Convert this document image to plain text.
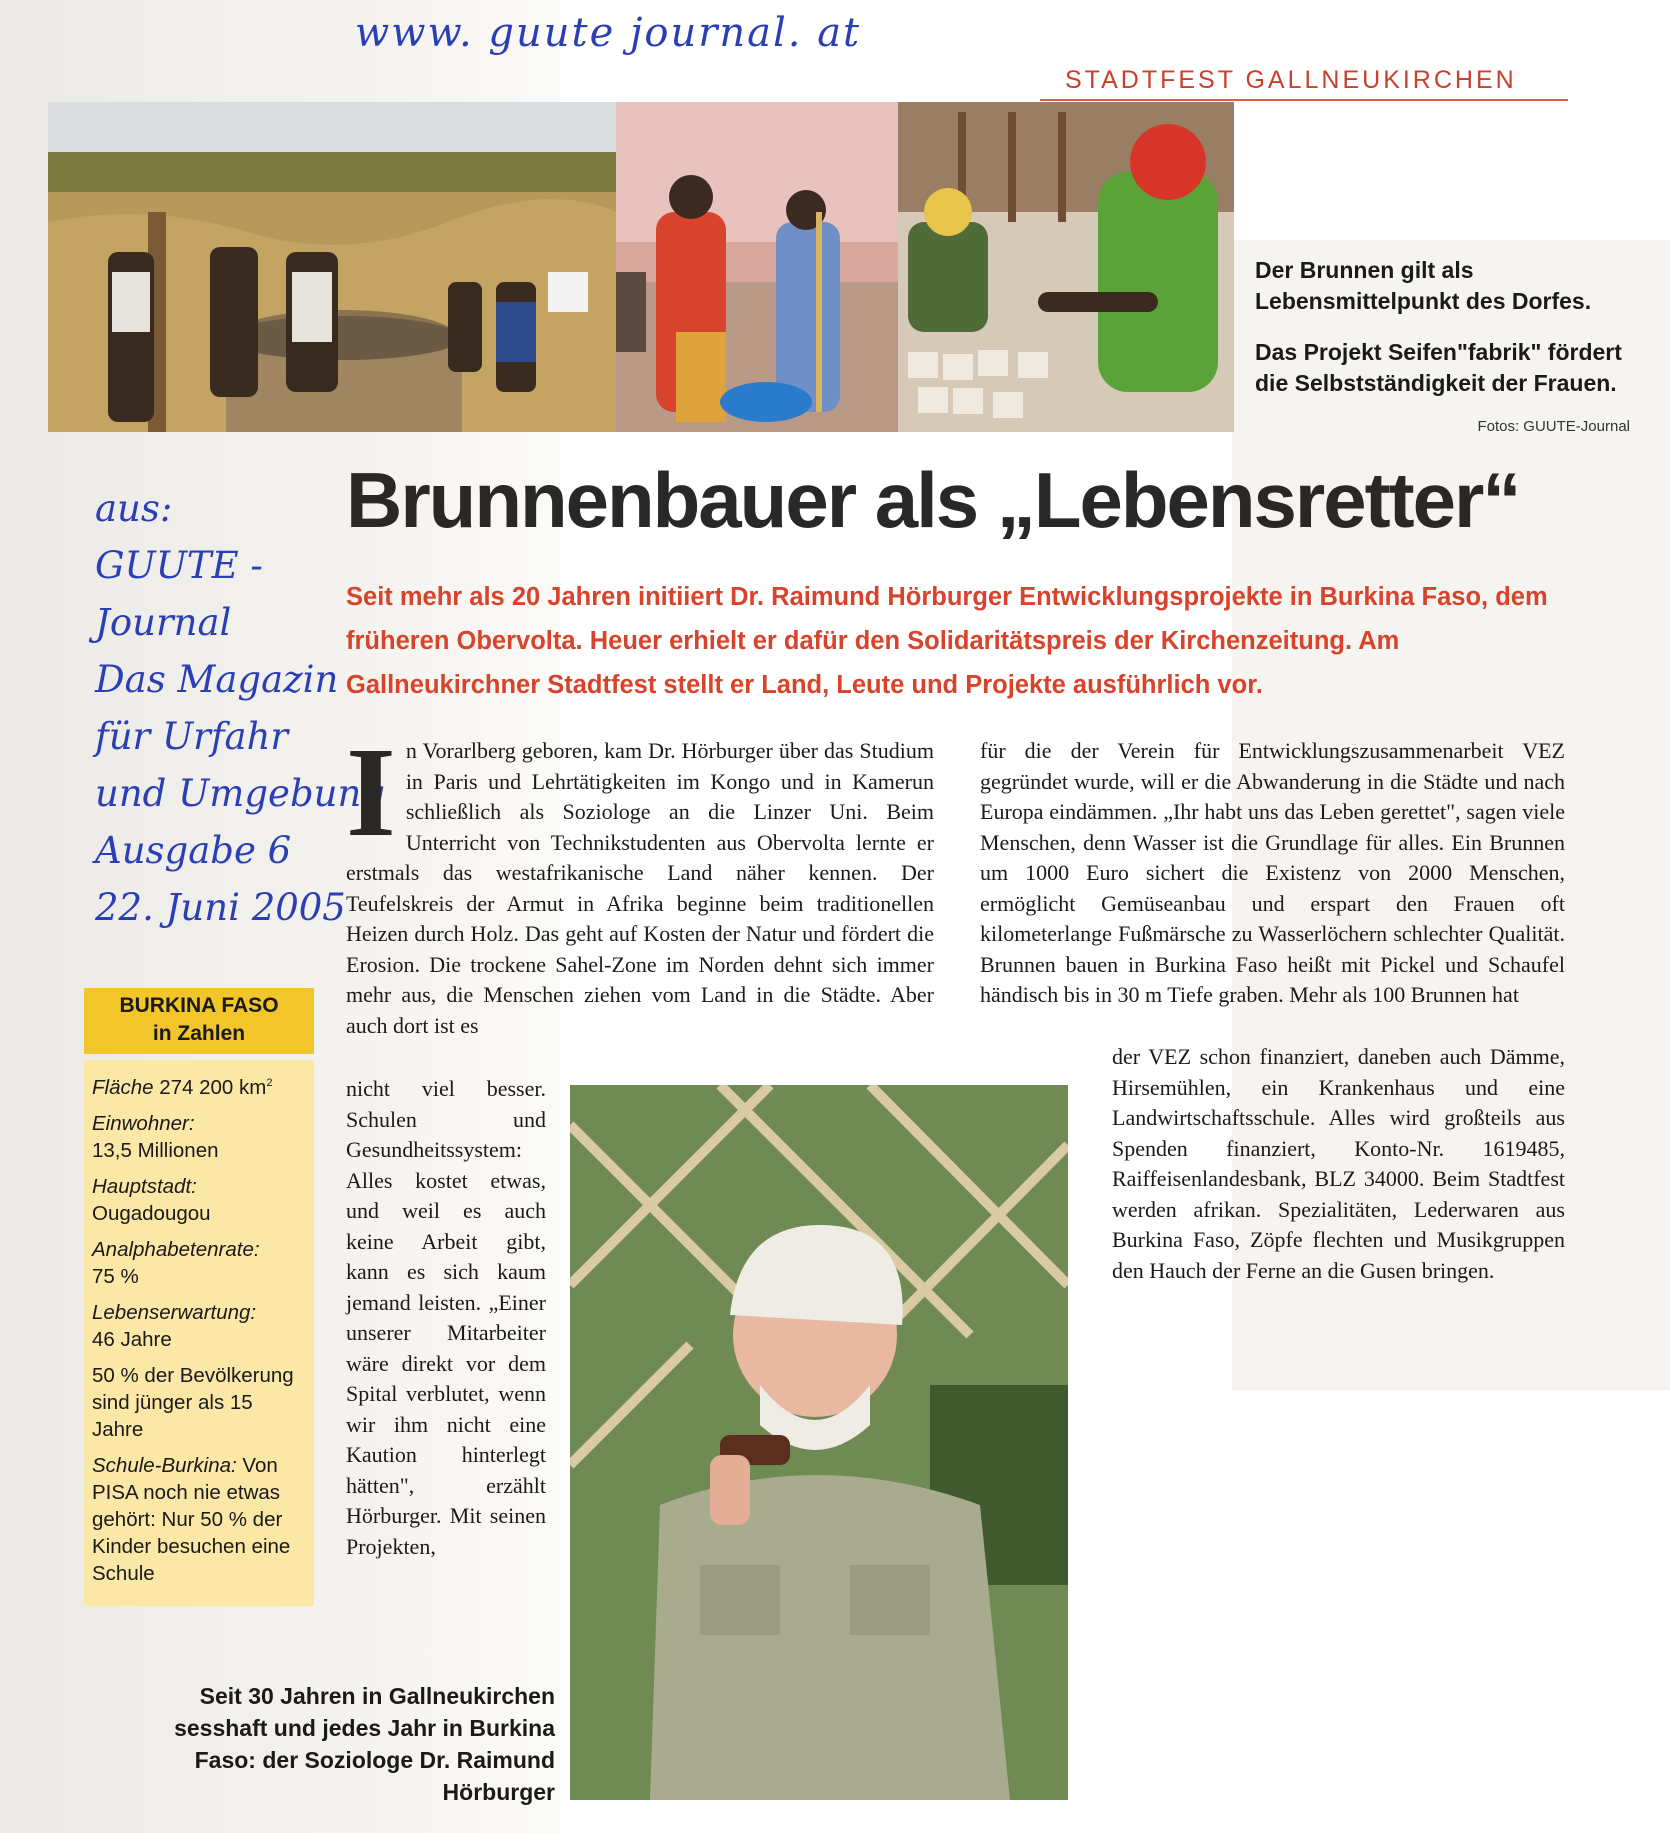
www. guute journal. at
aus:
GUUTE -
Journal
Das Magazin
für Urfahr
und Umgebung
Ausgabe 6
22. Juni 2005
STADTFEST GALLNEUKIRCHEN

Der Brunnen gilt als Lebensmittelpunkt des Dorfes.

Das Projekt Seifen"fabrik" fördert die Selbstständigkeit der Frauen.

Fotos: GUUTE-Journal
Brunnenbauer als „Lebensretter“
Seit mehr als 20 Jahren initiiert Dr. Raimund Hörburger Entwicklungsprojekte in Burkina Faso, dem früheren Obervolta. Heuer erhielt er dafür den Solidaritätspreis der Kirchenzeitung. Am Gallneukirchner Stadtfest stellt er Land, Leute und Projekte ausführlich vor.
In Vorarlberg geboren, kam Dr. Hörburger über das Studium in Paris und Lehrtätigkeiten im Kongo und in Kamerun schließlich als Soziologe an die Linzer Uni. Beim Unterricht von Technikstudenten aus Obervolta lernte er erstmals das westafrikanische Land näher kennen. Der Teufelskreis der Armut in Afrika beginne beim traditionellen Heizen durch Holz. Das geht auf Kosten der Natur und fördert die Erosion. Die trockene Sahel-Zone im Norden dehnt sich immer mehr aus, die Menschen ziehen vom Land in die Städte. Aber auch dort ist es
nicht viel besser. Schulen und Gesundheitssystem: Alles kostet etwas, und weil es auch keine Arbeit gibt, kann es sich kaum jemand leisten. „Einer unserer Mitarbeiter wäre direkt vor dem Spital verblutet, wenn wir ihm nicht eine Kaution hinterlegt hätten", erzählt Hörburger. Mit seinen Projekten,
für die der Verein für Entwicklungszusammenarbeit VEZ gegründet wurde, will er die Abwanderung in die Städte und nach Europa eindämmen. „Ihr habt uns das Leben gerettet", sagen viele Menschen, denn Wasser ist die Grundlage für alles. Ein Brunnen um 1000 Euro sichert die Existenz von 2000 Menschen, ermöglicht Gemüseanbau und erspart den Frauen oft kilometerlange Fußmärsche zu Wasserlöchern schlechter Qualität. Brunnen bauen in Burkina Faso heißt mit Pickel und Schaufel händisch bis in 30 m Tiefe graben. Mehr als 100 Brunnen hat
der VEZ schon finanziert, daneben auch Dämme, Hirsemühlen, ein Krankenhaus und eine Landwirtschaftsschule. Alles wird großteils aus Spenden finanziert, Konto-Nr. 1619485, Raiffeisenlandesbank, BLZ 34000. Beim Stadtfest werden afrikan. Spezialitäten, Lederwaren aus Burkina Faso, Zöpfe flechten und Musikgruppen den Hauch der Ferne an die Gusen bringen.
BURKINA FASO
in Zahlen
Fläche 274 200 $km^2$
Einwohner:
13,5 Millionen
Hauptstadt:
Ougadougou
Analphabetenrate:
75 %
Lebenserwartung:
46 Jahre
50 % der Bevölkerung sind jünger als 15 Jahre
Schule-Burkina: Von PISA noch nie etwas gehört: Nur 50 % der Kinder besuchen eine Schule
Seit 30 Jahren in Gallneukirchen sesshaft und jedes Jahr in Burkina Faso: der Soziologe Dr. Raimund Hörburger
